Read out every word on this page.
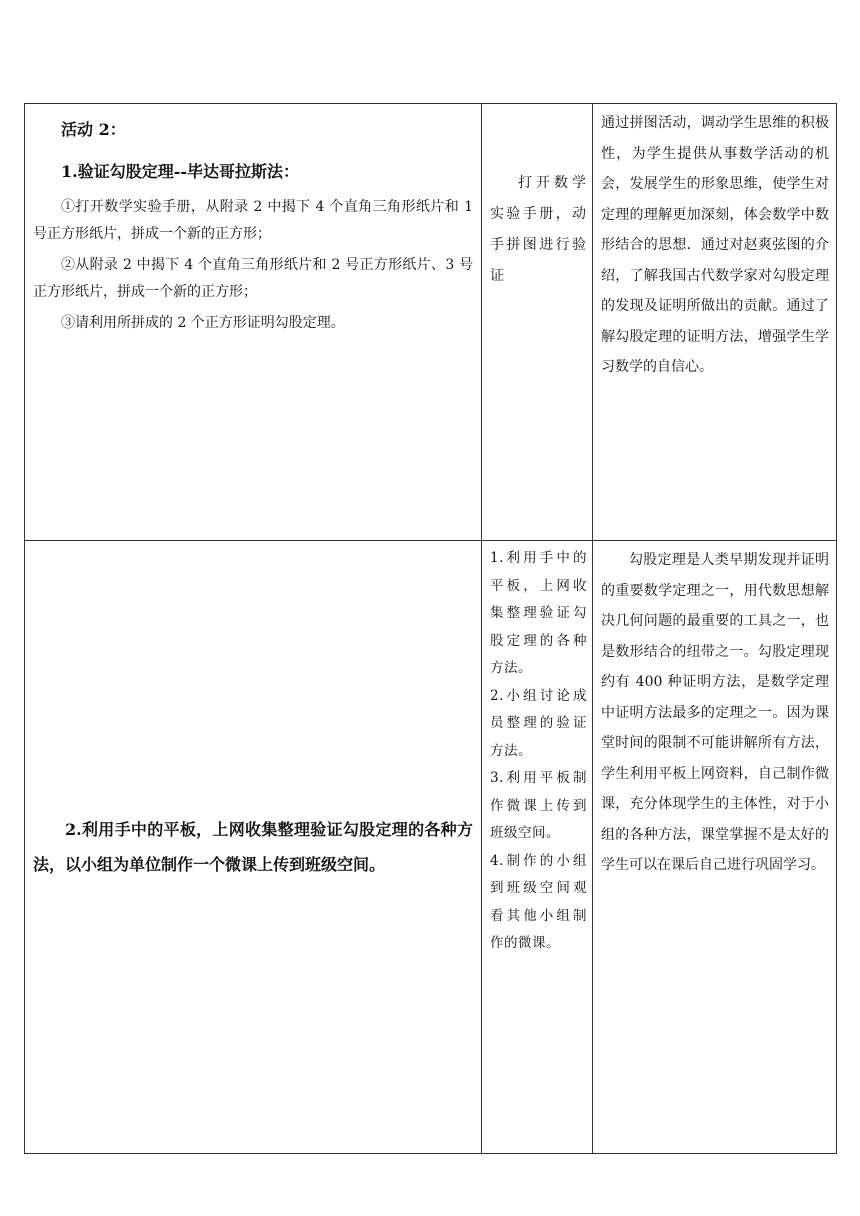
活动 2：
1.验证勾股定理--毕达哥拉斯法：

①打开数学实验手册，从附录 2 中揭下 4 个直角三角形纸片和 1 号正方形纸片，拼成一个新的正方形；

②从附录 2 中揭下 4 个直角三角形纸片和 2 号正方形纸片、3 号正方形纸片，拼成一个新的正方形；

③请利用所拼成的 2 个正方形证明勾股定理。	打开数学实验手册，动手拼图进行验证	通过拼图活动，调动学生思维的积极性，为学生提供从事数学活动的机会，发展学生的形象思维，使学生对定理的理解更加深刻，体会数学中数形结合的思想．通过对赵爽弦图的介绍，了解我国古代数学家对勾股定理的发现及证明所做出的贡献。通过了解勾股定理的证明方法，增强学生学习数学的自信心。
2.利用手中的平板，上网收集整理验证勾股定理的各种方法，以小组为单位制作一个微课上传到班级空间。	1.利用手中的平板，上网收集整理验证勾股定理的各种方法。

2.小组讨论成员整理的验证方法。

3.利用平板制作微课上传到班级空间。

4.制作的小组到班级空间观看其他小组制作的微课。	勾股定理是人类早期发现并证明的重要数学定理之一，用代数思想解决几何问题的最重要的工具之一，也是数形结合的纽带之一。勾股定理现约有 400 种证明方法，是数学定理中证明方法最多的定理之一。因为课堂时间的限制不可能讲解所有方法，学生利用平板上网资料，自己制作微课，充分体现学生的主体性，对于小组的各种方法，课堂掌握不是太好的学生可以在课后自己进行巩固学习。
